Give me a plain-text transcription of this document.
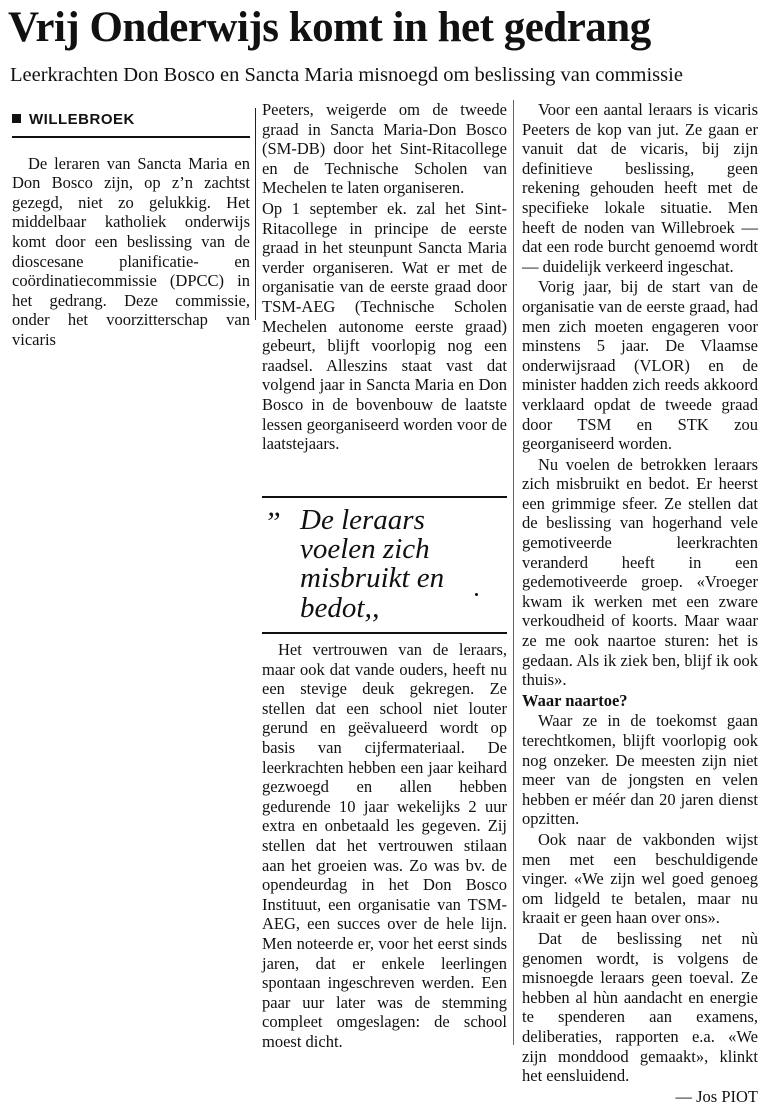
Vrij Onderwijs komt in het gedrang
Leerkrachten Don Bosco en Sancta Maria misnoegd om beslissing van commissie
WILLEBROEK

De leraren van Sancta Maria en Don Bosco zijn, op z’n zachtst gezegd, niet zo gelukkig. Het middelbaar katholiek onderwijs komt door een beslissing van de dioscesane planificatie- en coördinatiecommissie (DPCC) in het gedrang. Deze commissie, onder het voorzitterschap van vicaris

Peeters, weigerde om de tweede graad in Sancta Maria-Don Bosco (SM-DB) door het Sint-Ritacollege en de Technische Scholen van Mechelen te laten organiseren.

Op 1 september ek. zal het Sint-Ritacollege in principe de eerste graad in het steunpunt Sancta Maria verder organiseren. Wat er met de organisatie van de eerste graad door TSM-AEG (Technische Scholen Mechelen autonome eerste graad) gebeurt, blijft voorlopig nog een raadsel. Alleszins staat vast dat volgend jaar in Sancta Maria en Don Bosco in de bovenbouw de laatste lessen georganiseerd worden voor de laatstejaars.

” De leraars voelen zich misbruikt en bedot,,

Het vertrouwen van de leraars, maar ook dat vande ouders, heeft nu een stevige deuk gekregen. Ze stellen dat een school niet louter gerund en geëvalueerd wordt op basis van cijfermateriaal. De leerkrachten hebben een jaar keihard gezwoegd en allen hebben gedurende 10 jaar wekelijks 2 uur extra en onbetaald les gegeven. Zij stellen dat het vertrouwen stilaan aan het groeien was. Zo was bv. de opendeurdag in het Don Bosco Instituut, een organisatie van TSM-AEG, een succes over de hele lijn. Men noteerde er, voor het eerst sinds jaren, dat er enkele leerlingen spontaan ingeschreven werden. Een paar uur later was de stemming compleet omgeslagen: de school moest dicht.

Voor een aantal leraars is vicaris Peeters de kop van jut. Ze gaan er vanuit dat de vicaris, bij zijn definitieve beslissing, geen rekening gehouden heeft met de specifieke lokale situatie. Men heeft de noden van Willebroek —dat een rode burcht genoemd wordt — duidelijk verkeerd ingeschat.

Vorig jaar, bij de start van de organisatie van de eerste graad, had men zich moeten engageren voor minstens 5 jaar. De Vlaamse onderwijsraad (VLOR) en de minister hadden zich reeds akkoord verklaard opdat de tweede graad door TSM en STK zou georganiseerd worden.

Nu voelen de betrokken leraars zich misbruikt en bedot. Er heerst een grimmige sfeer. Ze stellen dat de beslissing van hogerhand vele gemotiveerde leerkrachten veranderd heeft in een gedemotiveerde groep. «Vroeger kwam ik werken met een zware verkoudheid of koorts. Maar waar ze me ook naartoe sturen: het is gedaan. Als ik ziek ben, blijf ik ook thuis».

Waar naartoe?

Waar ze in de toekomst gaan terechtkomen, blijft voorlopig ook nog onzeker. De meesten zijn niet meer van de jongsten en velen hebben er méér dan 20 jaren dienst opzitten.

Ook naar de vakbonden wijst men met een beschuldigende vinger. «We zijn wel goed genoeg om lidgeld te betalen, maar nu kraait er geen haan over ons».

Dat de beslissing net nù genomen wordt, is volgens de misnoegde leraars geen toeval. Ze hebben al hùn aandacht en energie te spenderen aan examens, deliberaties, rapporten e.a. «We zijn monddood gemaakt», klinkt het eensluidend.

— Jos PIOT
